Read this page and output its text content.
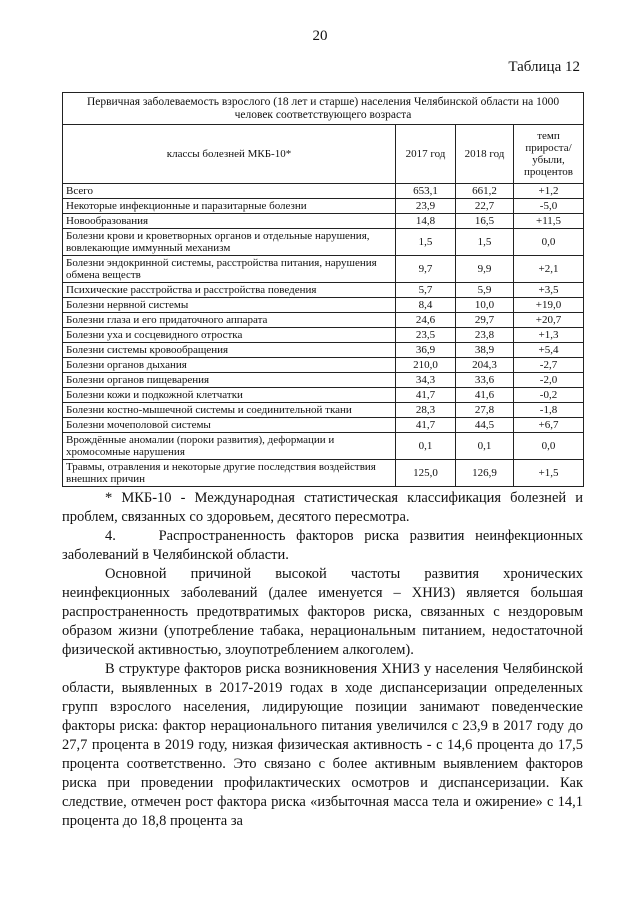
20
Таблица 12
Первичная заболеваемость взрослого (18 лет и старше) населения Челябинской области на 1000 человек соответствующего возраста			
классы болезней МКБ-10*	2017 год	2018 год	темп прироста/ убыли, процентов
Всего	653,1	661,2	+1,2
Некоторые инфекционные и паразитарные болезни	23,9	22,7	-5,0
Новообразования	14,8	16,5	+11,5
Болезни крови и кроветворных органов и отдельные нарушения, вовлекающие иммунный механизм	1,5	1,5	0,0
Болезни эндокринной системы, расстройства питания, нарушения обмена веществ	9,7	9,9	+2,1
Психические расстройства и расстройства поведения	5,7	5,9	+3,5
Болезни нервной системы	8,4	10,0	+19,0
Болезни глаза и его придаточного аппарата	24,6	29,7	+20,7
Болезни уха и сосцевидного отростка	23,5	23,8	+1,3
Болезни системы кровообращения	36,9	38,9	+5,4
Болезни органов дыхания	210,0	204,3	-2,7
Болезни органов пищеварения	34,3	33,6	-2,0
Болезни кожи и подкожной клетчатки	41,7	41,6	-0,2
Болезни костно-мышечной системы и соединительной ткани	28,3	27,8	-1,8
Болезни мочеполовой системы	41,7	44,5	+6,7
Врождённые аномалии (пороки развития), деформации и хромосомные нарушения	0,1	0,1	0,0
Травмы, отравления и некоторые другие последствия воздействия внешних причин	125,0	126,9	+1,5

* МКБ-10 - Международная статистическая классификация болезней и проблем, связанных со здоровьем, десятого пересмотра.

4.    Распространенность факторов риска развития неинфекционных заболеваний в Челябинской области.

Основной причиной высокой частоты развития хронических неинфекционных заболеваний (далее именуется – ХНИЗ) является большая распространенность предотвратимых факторов риска, связанных с нездоровым образом жизни (употребление табака, нерациональным питанием, недостаточной физической активностью, злоупотреблением алкоголем).

В структуре факторов риска возникновения ХНИЗ у населения Челябинской области, выявленных в 2017-2019 годах в ходе диспансеризации определенных групп взрослого населения, лидирующие позиции занимают поведенческие факторы риска: фактор нерационального питания увеличился с 23,9 в 2017 году до 27,7 процента в 2019 году, низкая физическая активность - с 14,6 процента до 17,5 процента соответственно. Это связано с более активным выявлением факторов риска при проведении профилактических осмотров и диспансеризации. Как следствие, отмечен рост фактора риска «избыточная масса тела и ожирение» с 14,1 процента до 18,8 процента за
